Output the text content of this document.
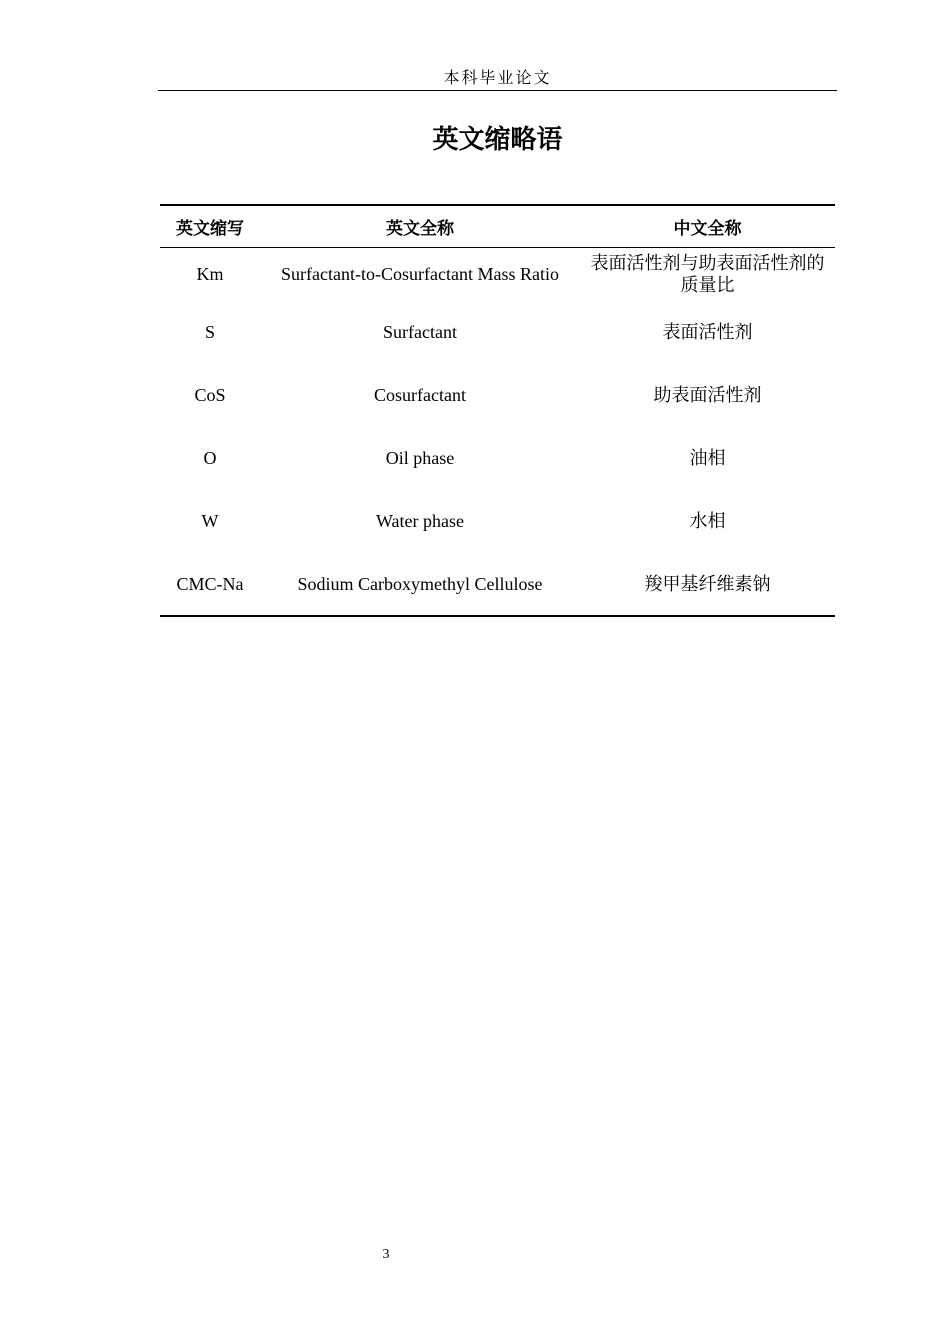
本科毕业论文
英文缩略语
英文缩写	英文全称	中文全称
Km	Surfactant-to-Cosurfactant Mass Ratio	表面活性剂与助表面活性剂的质量比
S	Surfactant	表面活性剂
CoS	Cosurfactant	助表面活性剂
O	Oil phase	油相
W	Water phase	水相
CMC-Na	Sodium Carboxymethyl Cellulose	羧甲基纤维素钠
3
